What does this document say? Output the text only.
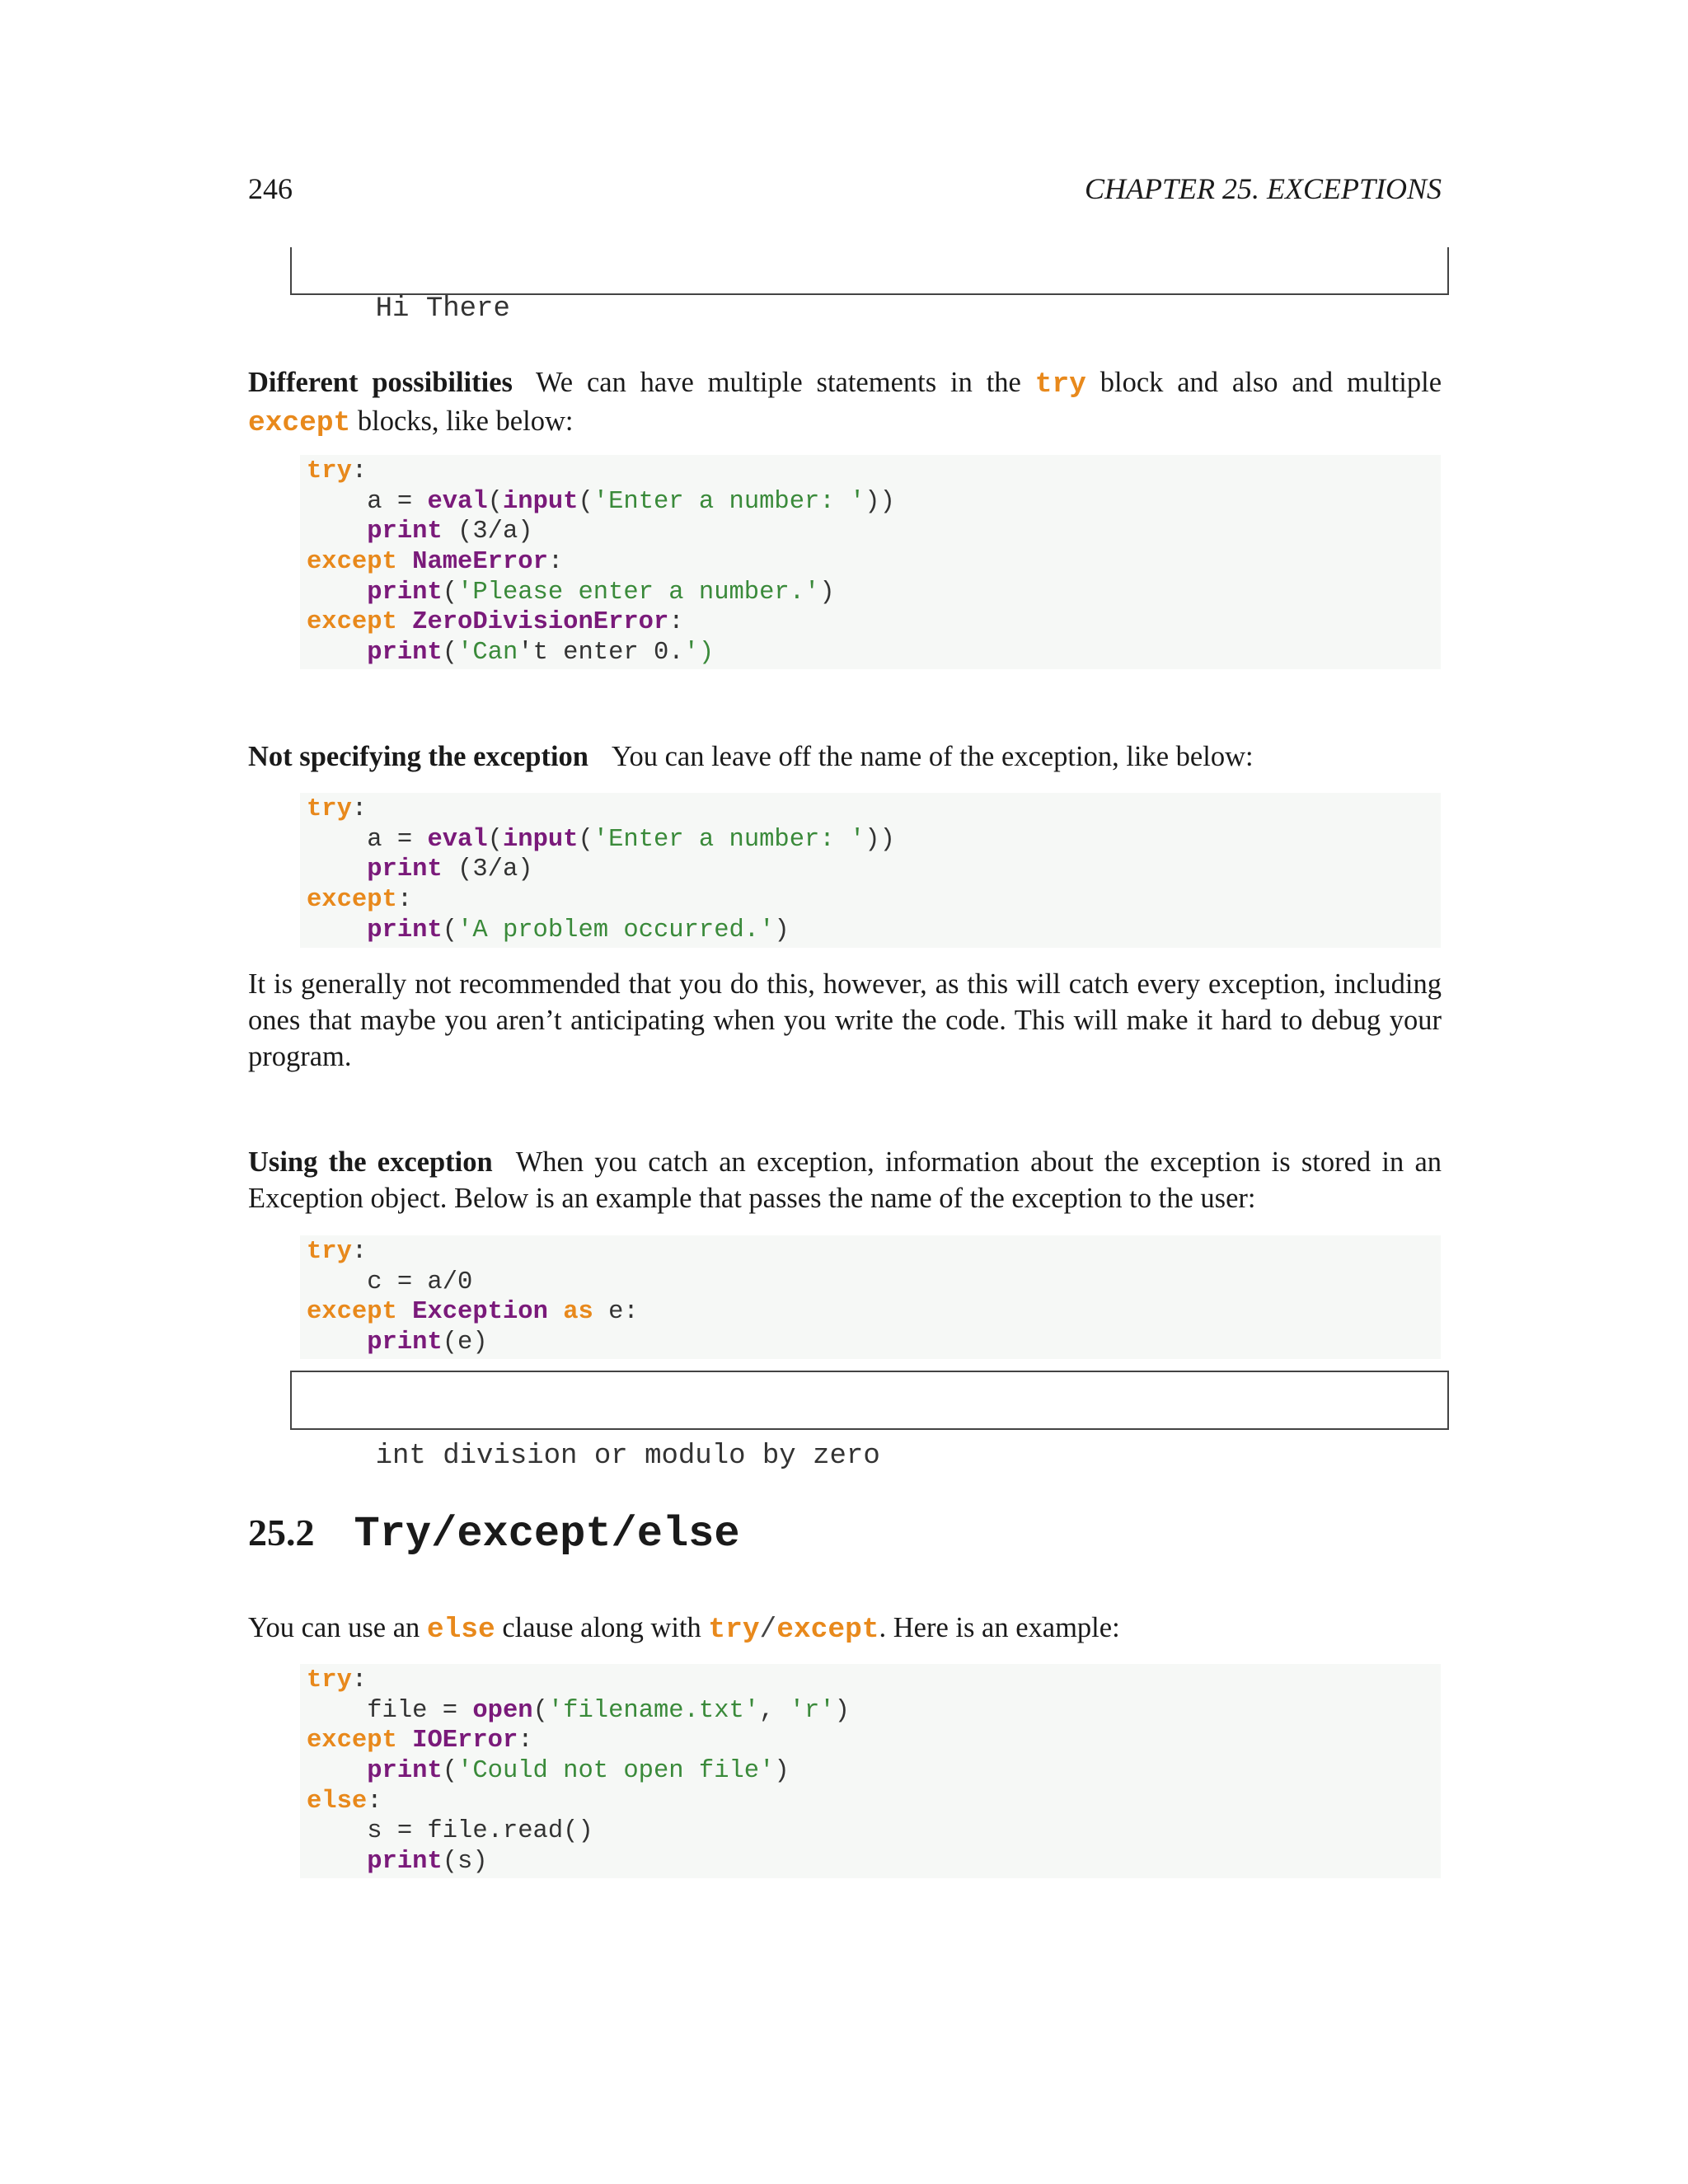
246	CHAPTER 25. EXCEPTIONS

Hi There

Different possibilities We can have multiple statements in the try block and also and multiple except blocks, like below:
try:
a = eval(input('Enter a number: '))
print (3/a)
except NameError:
print('Please enter a number.')
except ZeroDivisionError:
print('Can't enter 0.')
Not specifying the exception You can leave off the name of the exception, like below:
try:
a = eval(input('Enter a number: '))
print (3/a)
except:
print('A problem occurred.')
It is generally not recommended that you do this, however, as this will catch every exception, including ones that maybe you aren’t anticipating when you write the code. This will make it hard to debug your program.
Using the exception When you catch an exception, information about the exception is stored in an Exception object. Below is an example that passes the name of the exception to the user:
try:
c = a/0
except Exception as e:
print(e)

int division or modulo by zero

25.2 Try/except/else
You can use an else clause along with try/except. Here is an example:
try:
file = open('filename.txt', 'r')
except IOError:
print('Could not open file')
else:
s = file.read()
print(s)
